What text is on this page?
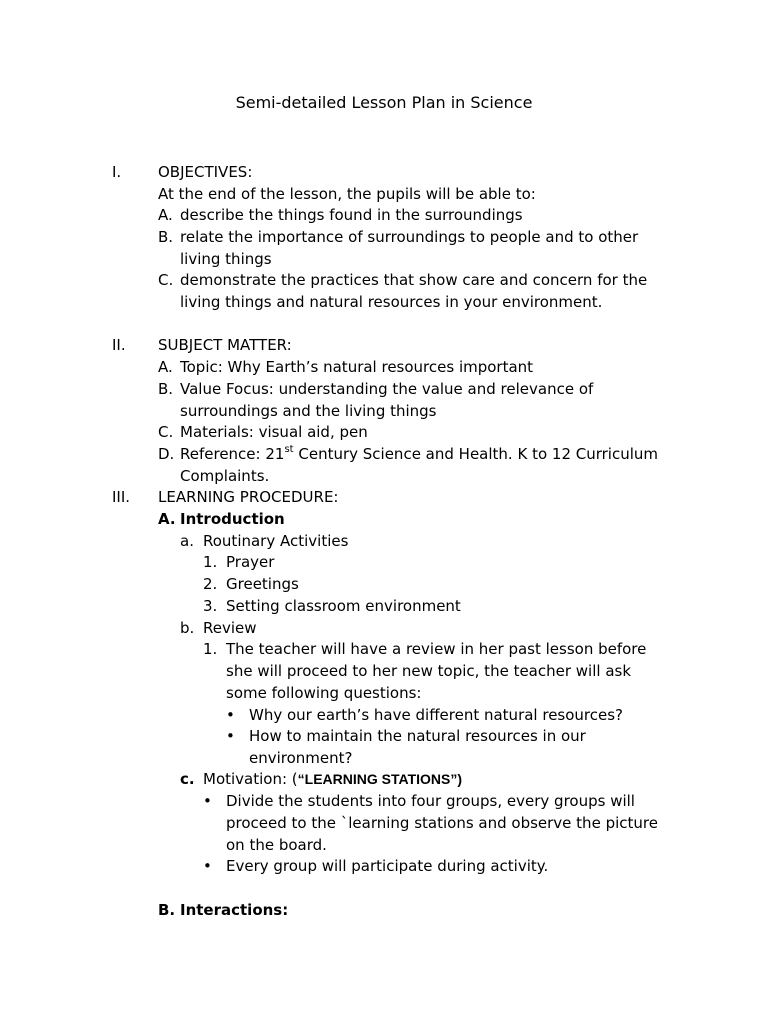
Semi-detailed Lesson Plan in Science
I. OBJECTIVES:
At the end of the lesson, the pupils will be able to:
A. describe the things found in the surroundings
B. relate the importance of surroundings to people and to other
living things
C. demonstrate the practices that show care and concern for the
living things and natural resources in your environment.
II. SUBJECT MATTER:
A. Topic: Why Earth’s natural resources important
B. Value Focus: understanding the value and relevance of
surroundings and the living things
C. Materials: visual aid, pen
D. Reference: 21st Century Science and Health. K to 12 Curriculum
Complaints.
III. LEARNING PROCEDURE:
A. Introduction
a. Routinary Activities
1. Prayer
2. Greetings
3. Setting classroom environment
b. Review
1. The teacher will have a review in her past lesson before
she will proceed to her new topic, the teacher will ask
some following questions:
• Why our earth’s have different natural resources?
• How to maintain the natural resources in our
environment?
c. Motivation: (“LEARNING STATIONS”)
• Divide the students into four groups, every groups will
proceed to the `learning stations and observe the picture
on the board.
• Every group will participate during activity.
B. Interactions:
